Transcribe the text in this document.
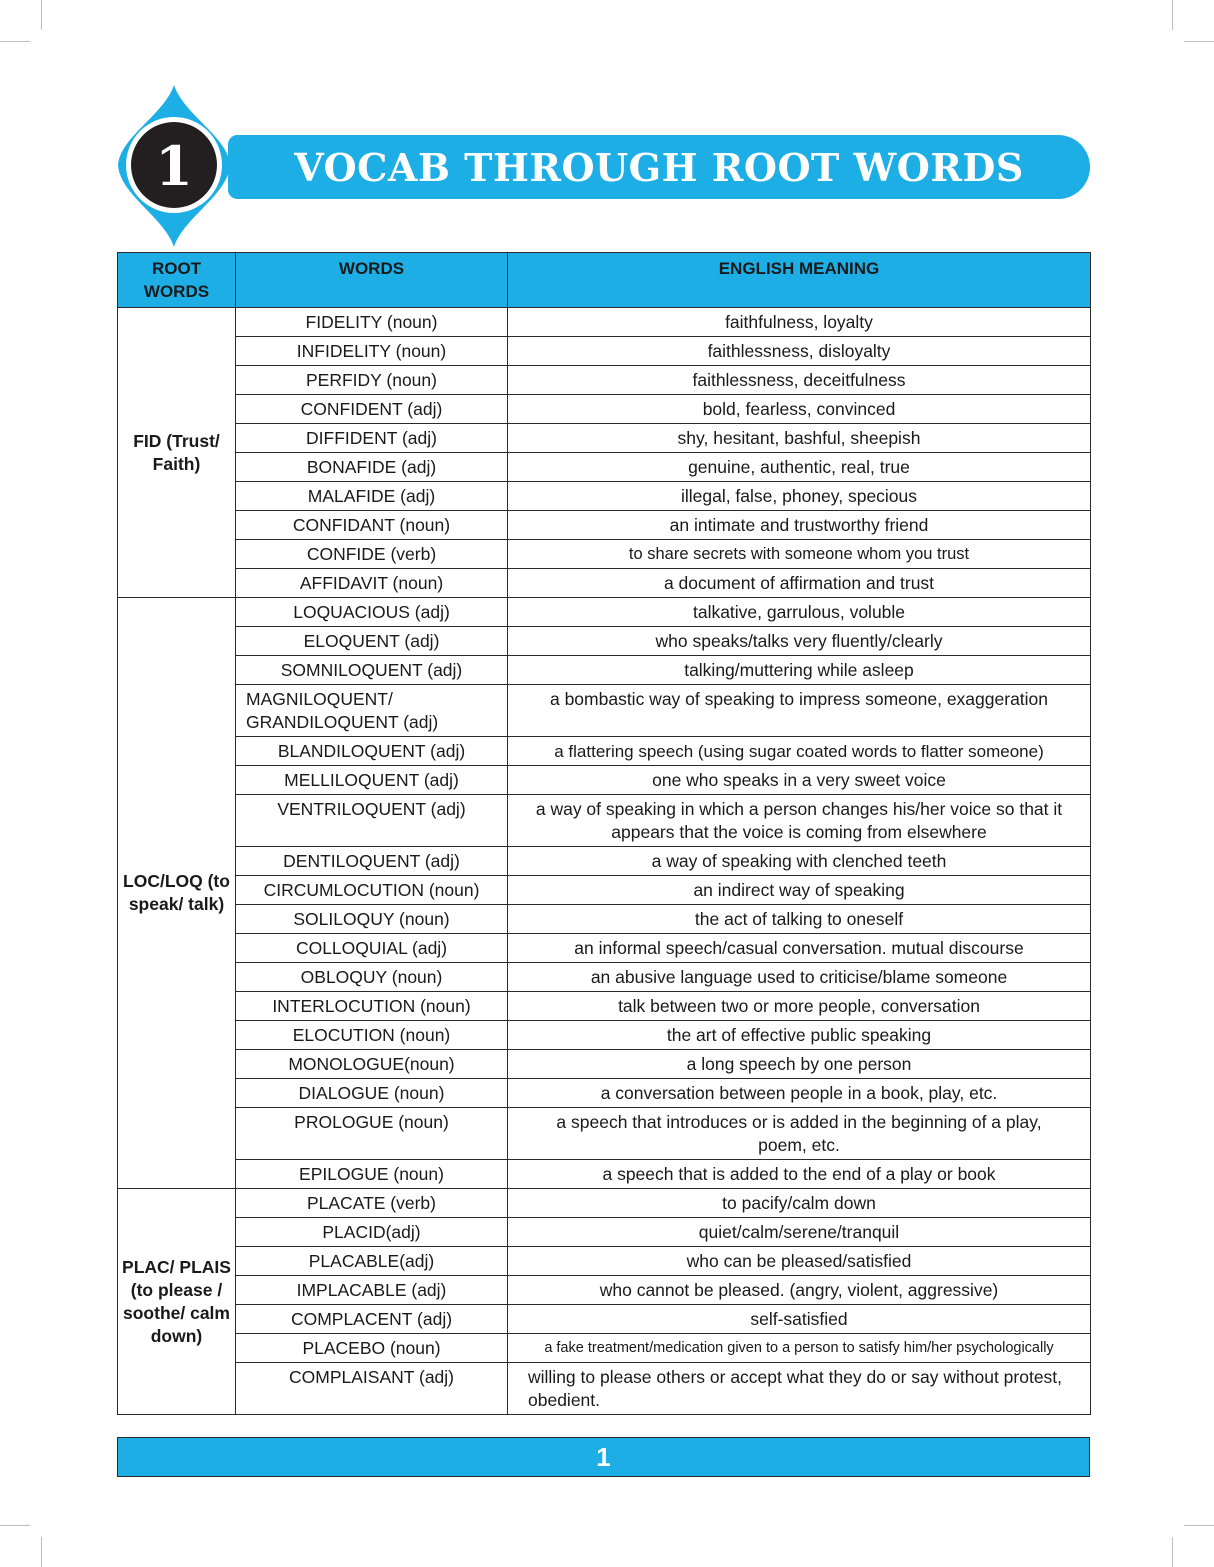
VOCAB THROUGH ROOT WORDS
1
ROOT WORDS	WORDS	ENGLISH MEANING
FID (Trust/ Faith)	FIDELITY (noun)	faithfulness, loyalty
	INFIDELITY (noun)	faithlessness, disloyalty
	PERFIDY (noun)	faithlessness, deceitfulness
	CONFIDENT (adj)	bold, fearless, convinced
	DIFFIDENT (adj)	shy, hesitant, bashful, sheepish
	BONAFIDE (adj)	genuine, authentic, real, true
	MALAFIDE (adj)	illegal, false, phoney, specious
	CONFIDANT (noun)	an intimate and trustworthy friend
	CONFIDE (verb)	to share secrets with someone whom you trust
	AFFIDAVIT (noun)	a document of affirmation and trust
LOC/LOQ (to speak/ talk)	LOQUACIOUS (adj)	talkative, garrulous, voluble
	ELOQUENT (adj)	who speaks/talks very fluently/clearly
	SOMNILOQUENT (adj)	talking/muttering while asleep
	MAGNILOQUENT/ GRANDILOQUENT (adj)	a bombastic way of speaking to impress someone, exaggeration
	BLANDILOQUENT (adj)	a flattering speech (using sugar coated words to flatter someone)
	MELLILOQUENT (adj)	one who speaks in a very sweet voice
	VENTRILOQUENT (adj)	a way of speaking in which a person changes his/her voice so that it appears that the voice is coming from elsewhere
	DENTILOQUENT (adj)	a way of speaking with clenched teeth
	CIRCUMLOCUTION (noun)	an indirect way of speaking
	SOLILOQUY (noun)	the act of talking to oneself
	COLLOQUIAL (adj)	an informal speech/casual conversation. mutual discourse
	OBLOQUY (noun)	an abusive language used to criticise/blame someone
	INTERLOCUTION (noun)	talk between two or more people, conversation
	ELOCUTION (noun)	the art of effective public speaking
	MONOLOGUE(noun)	a long speech by one person
	DIALOGUE (noun)	a conversation between people in a book, play, etc.
	PROLOGUE (noun)	a speech that introduces or is added in the beginning of a play, poem, etc.
	EPILOGUE (noun)	a speech that is added to the end of a play or book
PLAC/ PLAIS (to please / soothe/ calm down)	PLACATE (verb)	to pacify/calm down
	PLACID(adj)	quiet/calm/serene/tranquil
	PLACABLE(adj)	who can be pleased/satisfied
	IMPLACABLE (adj)	who cannot be pleased. (angry, violent, aggressive)
	COMPLACENT (adj)	self-satisfied
	PLACEBO (noun)	a fake treatment/medication given to a person to satisfy him/her psychologically
	COMPLAISANT (adj)	willing to please others or accept what they do or say without protest, obedient.
1
